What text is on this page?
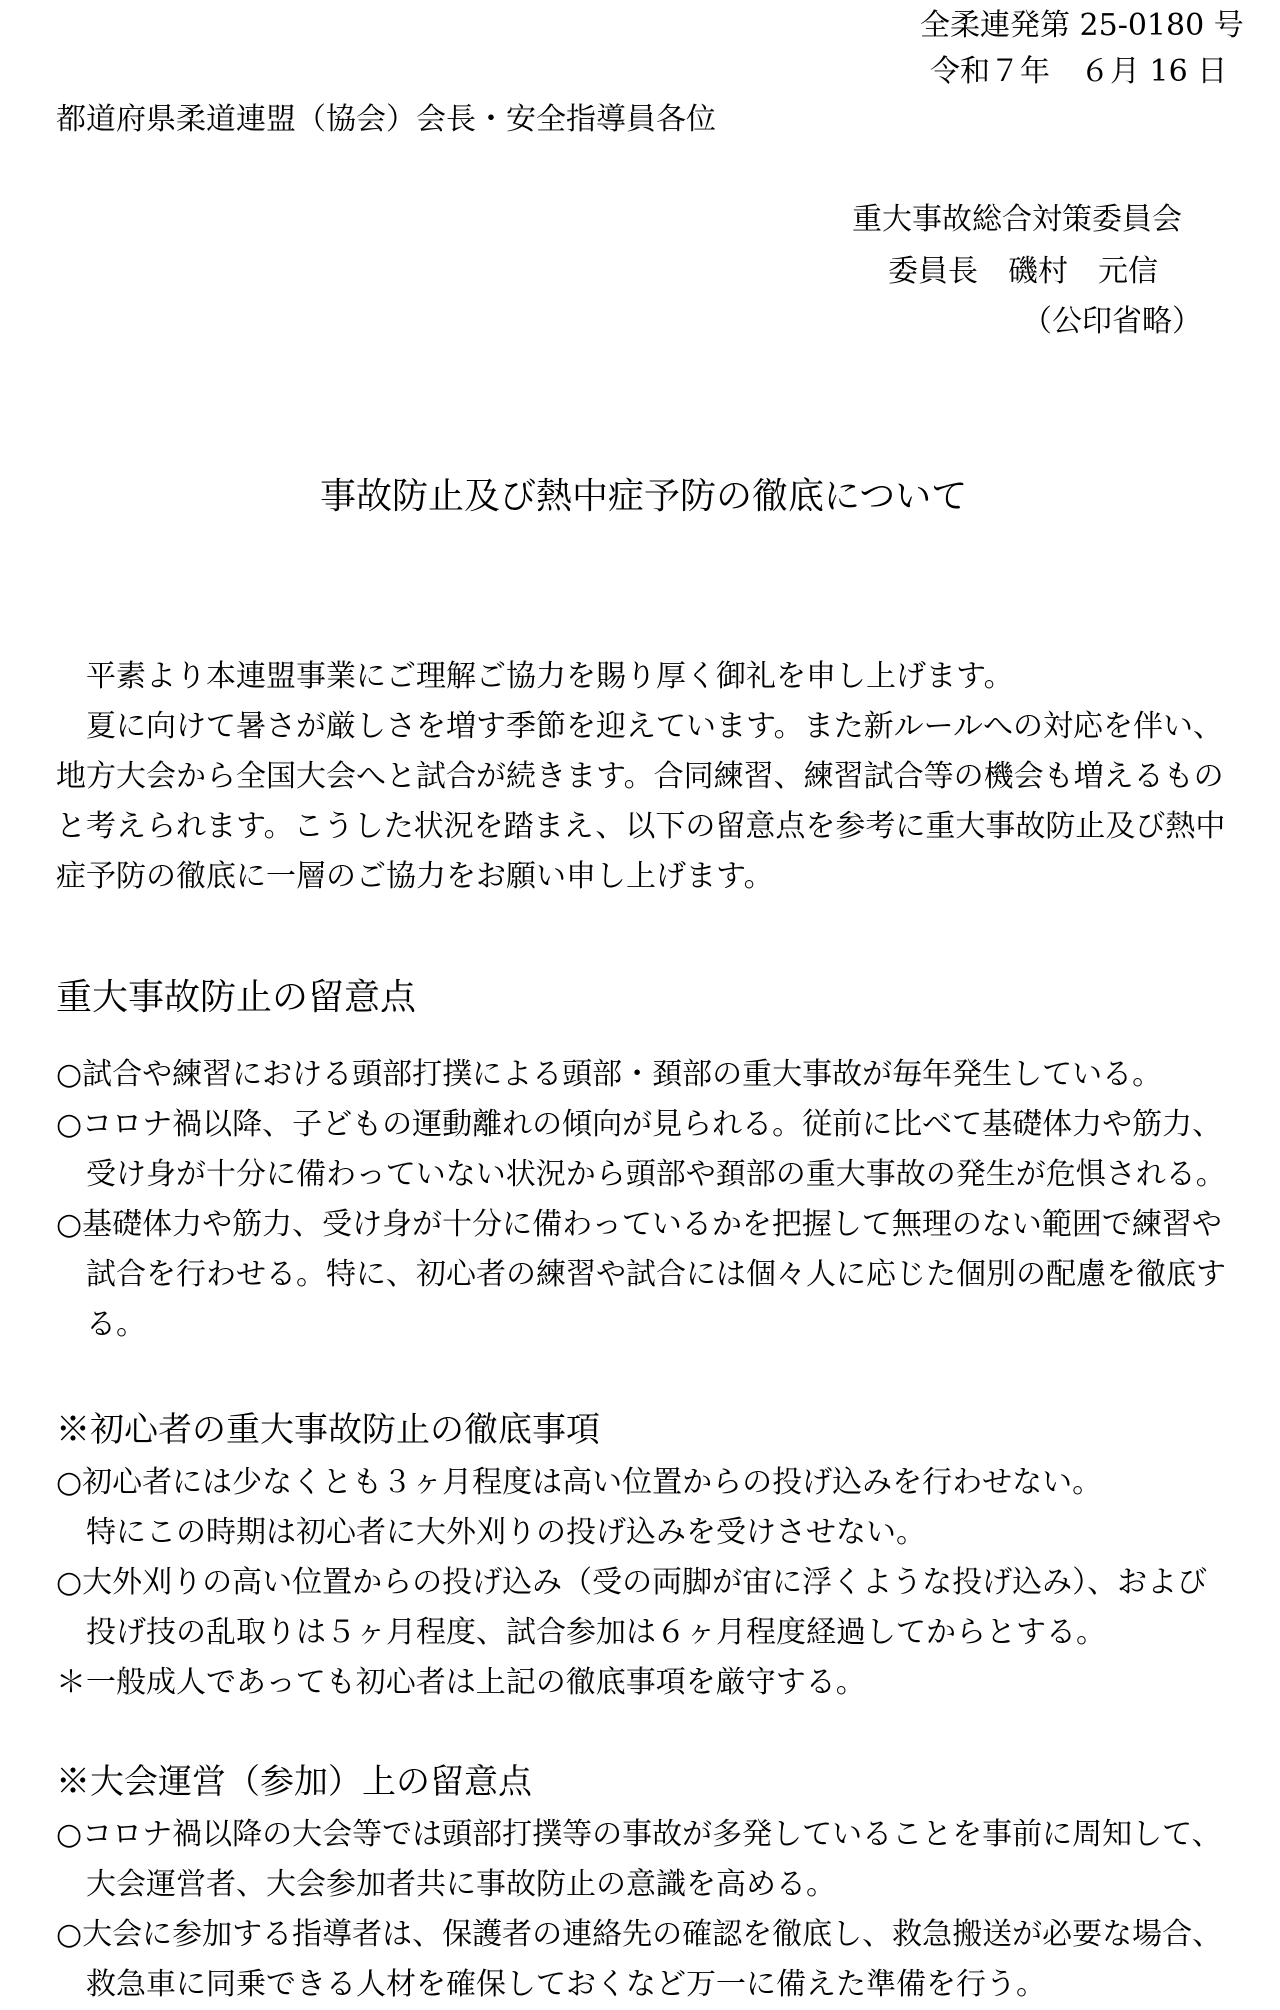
全柔連発第 25-0180 号
令和７年　６月 16 日
都道府県柔道連盟（協会）会長・安全指導員各位
重大事故総合対策委員会
委員長　磯村　元信
（公印省略）
事故防止及び熱中症予防の徹底について
平素より本連盟事業にご理解ご協力を賜り厚く御礼を申し上げます。
夏に向けて暑さが厳しさを増す季節を迎えています。また新ルールへの対応を伴い、
地方大会から全国大会へと試合が続きます。合同練習、練習試合等の機会も増えるもの
と考えられます。こうした状況を踏まえ、以下の留意点を参考に重大事故防止及び熱中
症予防の徹底に一層のご協力をお願い申し上げます。
重大事故防止の留意点
○試合や練習における頭部打撲による頭部・頚部の重大事故が毎年発生している。
○コロナ禍以降、子どもの運動離れの傾向が見られる。従前に比べて基礎体力や筋力、
受け身が十分に備わっていない状況から頭部や頚部の重大事故の発生が危惧される。
○基礎体力や筋力、受け身が十分に備わっているかを把握して無理のない範囲で練習や
試合を行わせる。特に、初心者の練習や試合には個々人に応じた個別の配慮を徹底す
る。
※初心者の重大事故防止の徹底事項
○初心者には少なくとも３ヶ月程度は高い位置からの投げ込みを行わせない。
特にこの時期は初心者に大外刈りの投げ込みを受けさせない。
○大外刈りの高い位置からの投げ込み（受の両脚が宙に浮くような投げ込み）、および
投げ技の乱取りは５ヶ月程度、試合参加は６ヶ月程度経過してからとする。
＊一般成人であっても初心者は上記の徹底事項を厳守する。
※大会運営（参加）上の留意点
○コロナ禍以降の大会等では頭部打撲等の事故が多発していることを事前に周知して、
大会運営者、大会参加者共に事故防止の意識を高める。
○大会に参加する指導者は、保護者の連絡先の確認を徹底し、救急搬送が必要な場合、
救急車に同乗できる人材を確保しておくなど万一に備えた準備を行う。
